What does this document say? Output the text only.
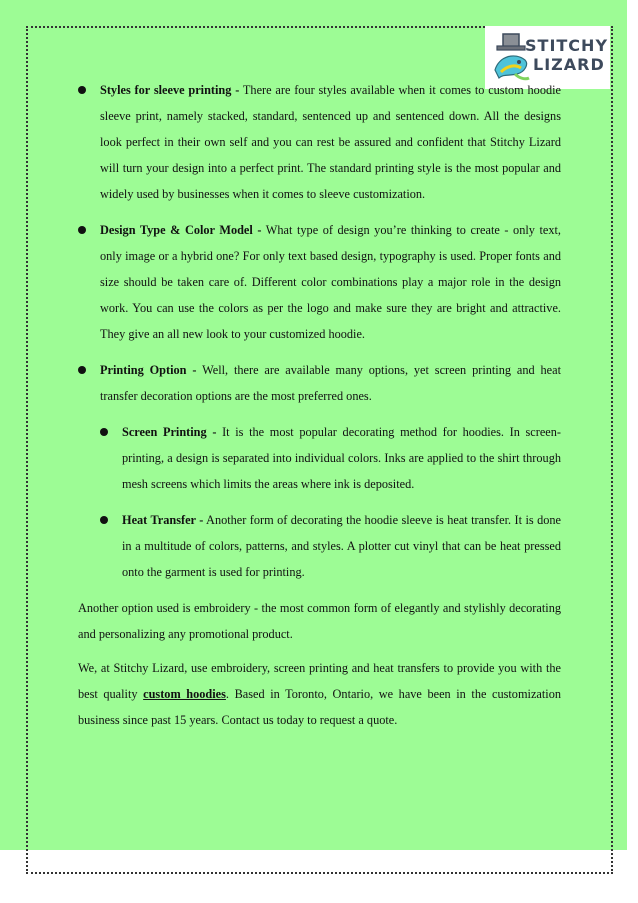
STITCHY
LIZARD
Styles for sleeve printing - There are four styles available when it comes to custom hoodie sleeve print, namely stacked, standard, sentenced up and sentenced down. All the designs look perfect in their own self and you can rest be assured and confident that Stitchy Lizard will turn your design into a perfect print. The standard printing style is the most popular and widely used by businesses when it comes to sleeve customization.
Design Type & Color Model - What type of design you’re thinking to create - only text, only image or a hybrid one? For only text based design, typography is used. Proper fonts and size should be taken care of. Different color combinations play a major role in the design work. You can use the colors as per the logo and make sure they are bright and attractive. They give an all new look to your customized hoodie.
Printing Option - Well, there are available many options, yet screen printing and heat transfer decoration options are the most preferred ones.
Screen Printing - It is the most popular decorating method for hoodies. In screen-printing, a design is separated into individual colors. Inks are applied to the shirt through mesh screens which limits the areas where ink is deposited.
Heat Transfer - Another form of decorating the hoodie sleeve is heat transfer. It is done in a multitude of colors, patterns, and styles. A plotter cut vinyl that can be heat pressed onto the garment is used for printing.
Another option used is embroidery - the most common form of elegantly and stylishly decorating and personalizing any promotional product.
We, at Stitchy Lizard, use embroidery, screen printing and heat transfers to provide you with the best quality custom hoodies. Based in Toronto, Ontario, we have been in the customization business since past 15 years. Contact us today to request a quote.
